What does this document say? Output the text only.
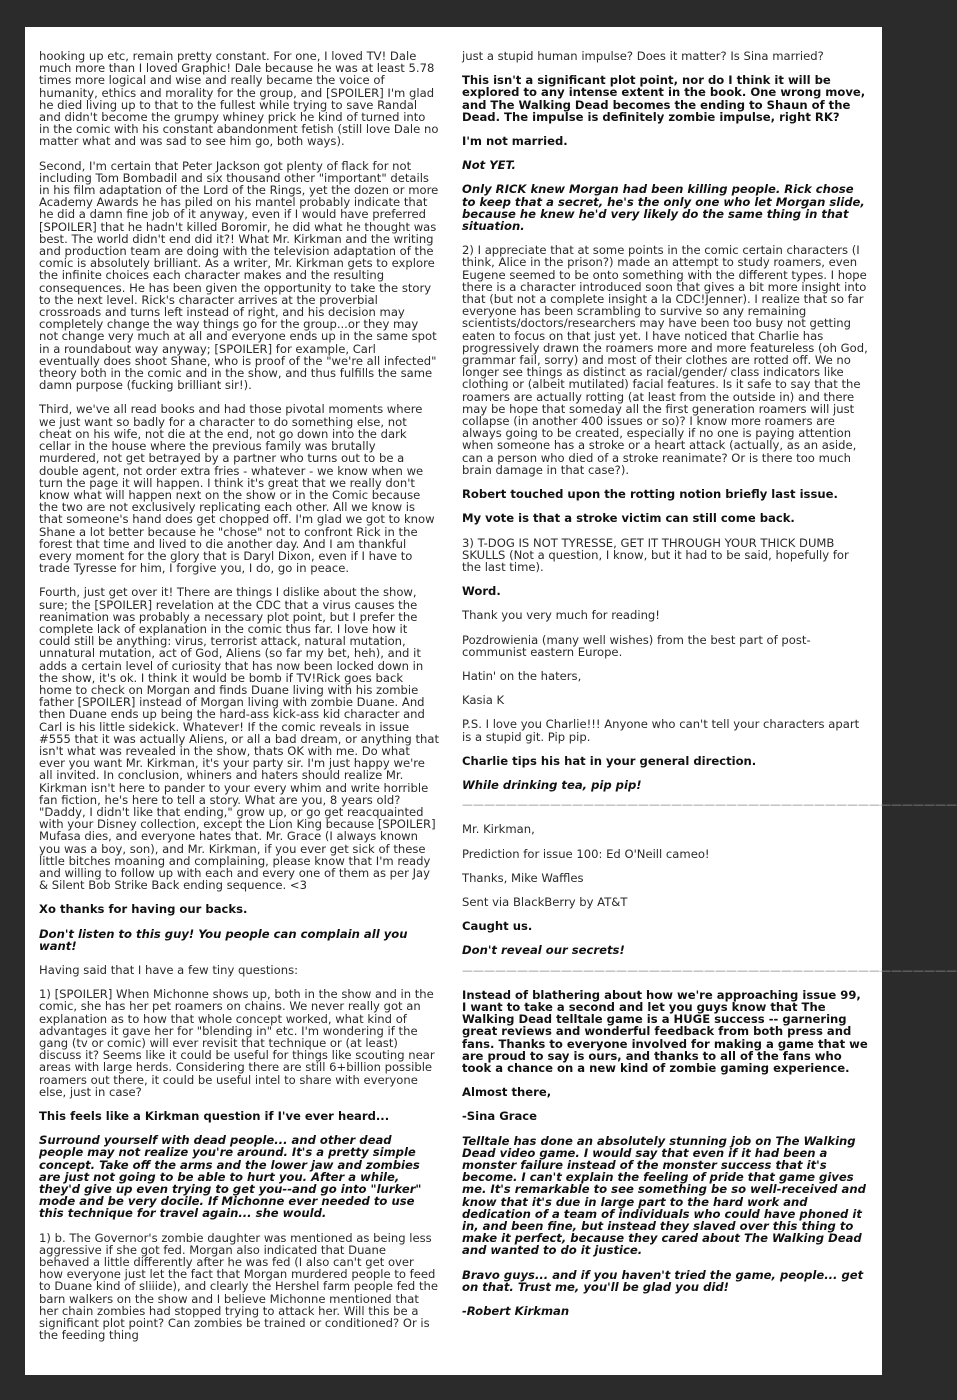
hooking up etc, remain pretty constant. For one, I loved TV! Dale much more than I loved Graphic! Dale because he was at least 5.78 times more logical and wise and really became the voice of humanity, ethics and morality for the group, and [SPOILER] I'm glad he died living up to that to the fullest while trying to save Randal and didn't become the grumpy whiney prick he kind of turned into in the comic with his constant abandonment fetish (still love Dale no matter what and was sad to see him go, both ways).

Second, I'm certain that Peter Jackson got plenty of flack for not including Tom Bombadil and six thousand other "important" details in his film adaptation of the Lord of the Rings, yet the dozen or more Academy Awards he has piled on his mantel probably indicate that he did a damn fine job of it anyway, even if I would have preferred [SPOILER] that he hadn't killed Boromir, he did what he thought was best. The world didn't end did it?! What Mr. Kirkman and the writing and production team are doing with the television adaptation of the comic is absolutely brilliant. As a writer, Mr. Kirkman gets to explore the infinite choices each character makes and the resulting consequences. He has been given the opportunity to take the story to the next level. Rick's character arrives at the proverbial crossroads and turns left instead of right, and his decision may completely change the way things go for the group...or they may not change very much at all and everyone ends up in the same spot in a roundabout way anyway; [SPOILER] for example, Carl eventually does shoot Shane, who is proof of the "we're all infected" theory both in the comic and in the show, and thus fulfills the same damn purpose (fucking brilliant sir!).

Third, we've all read books and had those pivotal moments where we just want so badly for a character to do something else, not cheat on his wife, not die at the end, not go down into the dark cellar in the house where the previous family was brutally murdered, not get betrayed by a partner who turns out to be a double agent, not order extra fries - whatever - we know when we turn the page it will happen. I think it's great that we really don't know what will happen next on the show or in the Comic because the two are not exclusively replicating each other. All we know is that someone's hand does get chopped off. I'm glad we got to know Shane a lot better because he "chose" not to confront Rick in the forest that time and lived to die another day. And I am thankful every moment for the glory that is Daryl Dixon, even if I have to trade Tyresse for him, I forgive you, I do, go in peace.

Fourth, just get over it! There are things I dislike about the show, sure; the [SPOILER] revelation at the CDC that a virus causes the reanimation was probably a necessary plot point, but I prefer the complete lack of explanation in the comic thus far. I love how it could still be anything: virus, terrorist attack, natural mutation, unnatural mutation, act of God, Aliens (so far my bet, heh), and it adds a certain level of curiosity that has now been locked down in the show, it's ok. I think it would be bomb if TV!Rick goes back home to check on Morgan and finds Duane living with his zombie father [SPOILER] instead of Morgan living with zombie Duane. And then Duane ends up being the hard-ass kick-ass kid character and Carl is his little sidekick. Whatever! If the comic reveals in issue #555 that it was actually Aliens, or all a bad dream, or anything that isn't what was revealed in the show, thats OK with me. Do what ever you want Mr. Kirkman, it's your party sir. I'm just happy we're all invited. In conclusion, whiners and haters should realize Mr. Kirkman isn't here to pander to your every whim and write horrible fan fiction, he's here to tell a story. What are you, 8 years old? "Daddy, I didn't like that ending," grow up, or go get reacquainted with your Disney collection, except the Lion King because [SPOILER] Mufasa dies, and everyone hates that. Mr. Grace (I always known you was a boy, son), and Mr. Kirkman, if you ever get sick of these little bitches moaning and complaining, please know that I'm ready and willing to follow up with each and every one of them as per Jay & Silent Bob Strike Back ending sequence. <3

Xo thanks for having our backs.

Don't listen to this guy! You people can complain all you want!

Having said that I have a few tiny questions:

1) [SPOILER] When Michonne shows up, both in the show and in the comic, she has her pet roamers on chains. We never really got an explanation as to how that whole concept worked, what kind of advantages it gave her for "blending in" etc. I'm wondering if the gang (tv or comic) will ever revisit that technique or (at least) discuss it? Seems like it could be useful for things like scouting near areas with large herds. Considering there are still 6+billion possible roamers out there, it could be useful intel to share with everyone else, just in case?

This feels like a Kirkman question if I've ever heard...

Surround yourself with dead people... and other dead people may not realize you're around. It's a pretty simple concept. Take off the arms and the lower jaw and zombies are just not going to be able to hurt you. After a while, they'd give up even trying to get you--and go into "lurker" mode and be very docile. If Michonne ever needed to use this technique for travel again... she would.

1) b. The Governor's zombie daughter was mentioned as being less aggressive if she got fed. Morgan also indicated that Duane behaved a little differently after he was fed (I also can't get over how everyone just let the fact that Morgan murdered people to feed to Duane kind of sliiide), and clearly the Hershel farm people fed the barn walkers on the show and I believe Michonne mentioned that her chain zombies had stopped trying to attack her. Will this be a significant plot point? Can zombies be trained or conditioned? Or is the feeding thing

just a stupid human impulse? Does it matter? Is Sina married?

This isn't a significant plot point, nor do I think it will be explored to any intense extent in the book. One wrong move, and The Walking Dead becomes the ending to Shaun of the Dead. The impulse is definitely zombie impulse, right RK?

I'm not married.

Not YET.

Only RICK knew Morgan had been killing people. Rick chose to keep that a secret, he's the only one who let Morgan slide, because he knew he'd very likely do the same thing in that situation.

2) I appreciate that at some points in the comic certain characters (I think, Alice in the prison?) made an attempt to study roamers, even Eugene seemed to be onto something with the different types. I hope there is a character introduced soon that gives a bit more insight into that (but not a complete insight a la CDC!Jenner). I realize that so far everyone has been scrambling to survive so any remaining scientists/doctors/researchers may have been too busy not getting eaten to focus on that just yet. I have noticed that Charlie has progressively drawn the roamers more and more featureless (oh God, grammar fail, sorry) and most of their clothes are rotted off. We no longer see things as distinct as racial/gender/ class indicators like clothing or (albeit mutilated) facial features. Is it safe to say that the roamers are actually rotting (at least from the outside in) and there may be hope that someday all the first generation roamers will just collapse (in another 400 issues or so)? I know more roamers are always going to be created, especially if no one is paying attention when someone has a stroke or a heart attack (actually, as an aside, can a person who died of a stroke reanimate? Or is there too much brain damage in that case?).

Robert touched upon the rotting notion briefly last issue.

My vote is that a stroke victim can still come back.

3) T-DOG IS NOT TYRESSE, GET IT THROUGH YOUR THICK DUMB SKULLS (Not a question, I know, but it had to be said, hopefully for the last time).

Word.

Thank you very much for reading!

Pozdrowienia (many well wishes) from the best part of post-communist eastern Europe.

Hatin' on the haters,

Kasia K

P.S. I love you Charlie!!! Anyone who can't tell your characters apart is a stupid git. Pip pip.

Charlie tips his hat in your general direction.

While drinking tea, pip pip!

—————————————————————————————————————————————

Mr. Kirkman,

Prediction for issue 100: Ed O'Neill cameo!

Thanks, Mike Waffles

Sent via BlackBerry by AT&T

Caught us.

Don't reveal our secrets!

—————————————————————————————————————————————

Instead of blathering about how we're approaching issue 99, I want to take a second and let you guys know that The Walking Dead telltale game is a HUGE success -- garnering great reviews and wonderful feedback from both press and fans. Thanks to everyone involved for making a game that we are proud to say is ours, and thanks to all of the fans who took a chance on a new kind of zombie gaming experience.

Almost there,

-Sina Grace

Telltale has done an absolutely stunning job on The Walking Dead video game. I would say that even if it had been a monster failure instead of the monster success that it's become. I can't explain the feeling of pride that game gives me. It's remarkable to see something be so well-received and know that it's due in large part to the hard work and dedication of a team of individuals who could have phoned it in, and been fine, but instead they slaved over this thing to make it perfect, because they cared about The Walking Dead and wanted to do it justice.

Bravo guys... and if you haven't tried the game, people... get on that. Trust me, you'll be glad you did!

-Robert Kirkman
